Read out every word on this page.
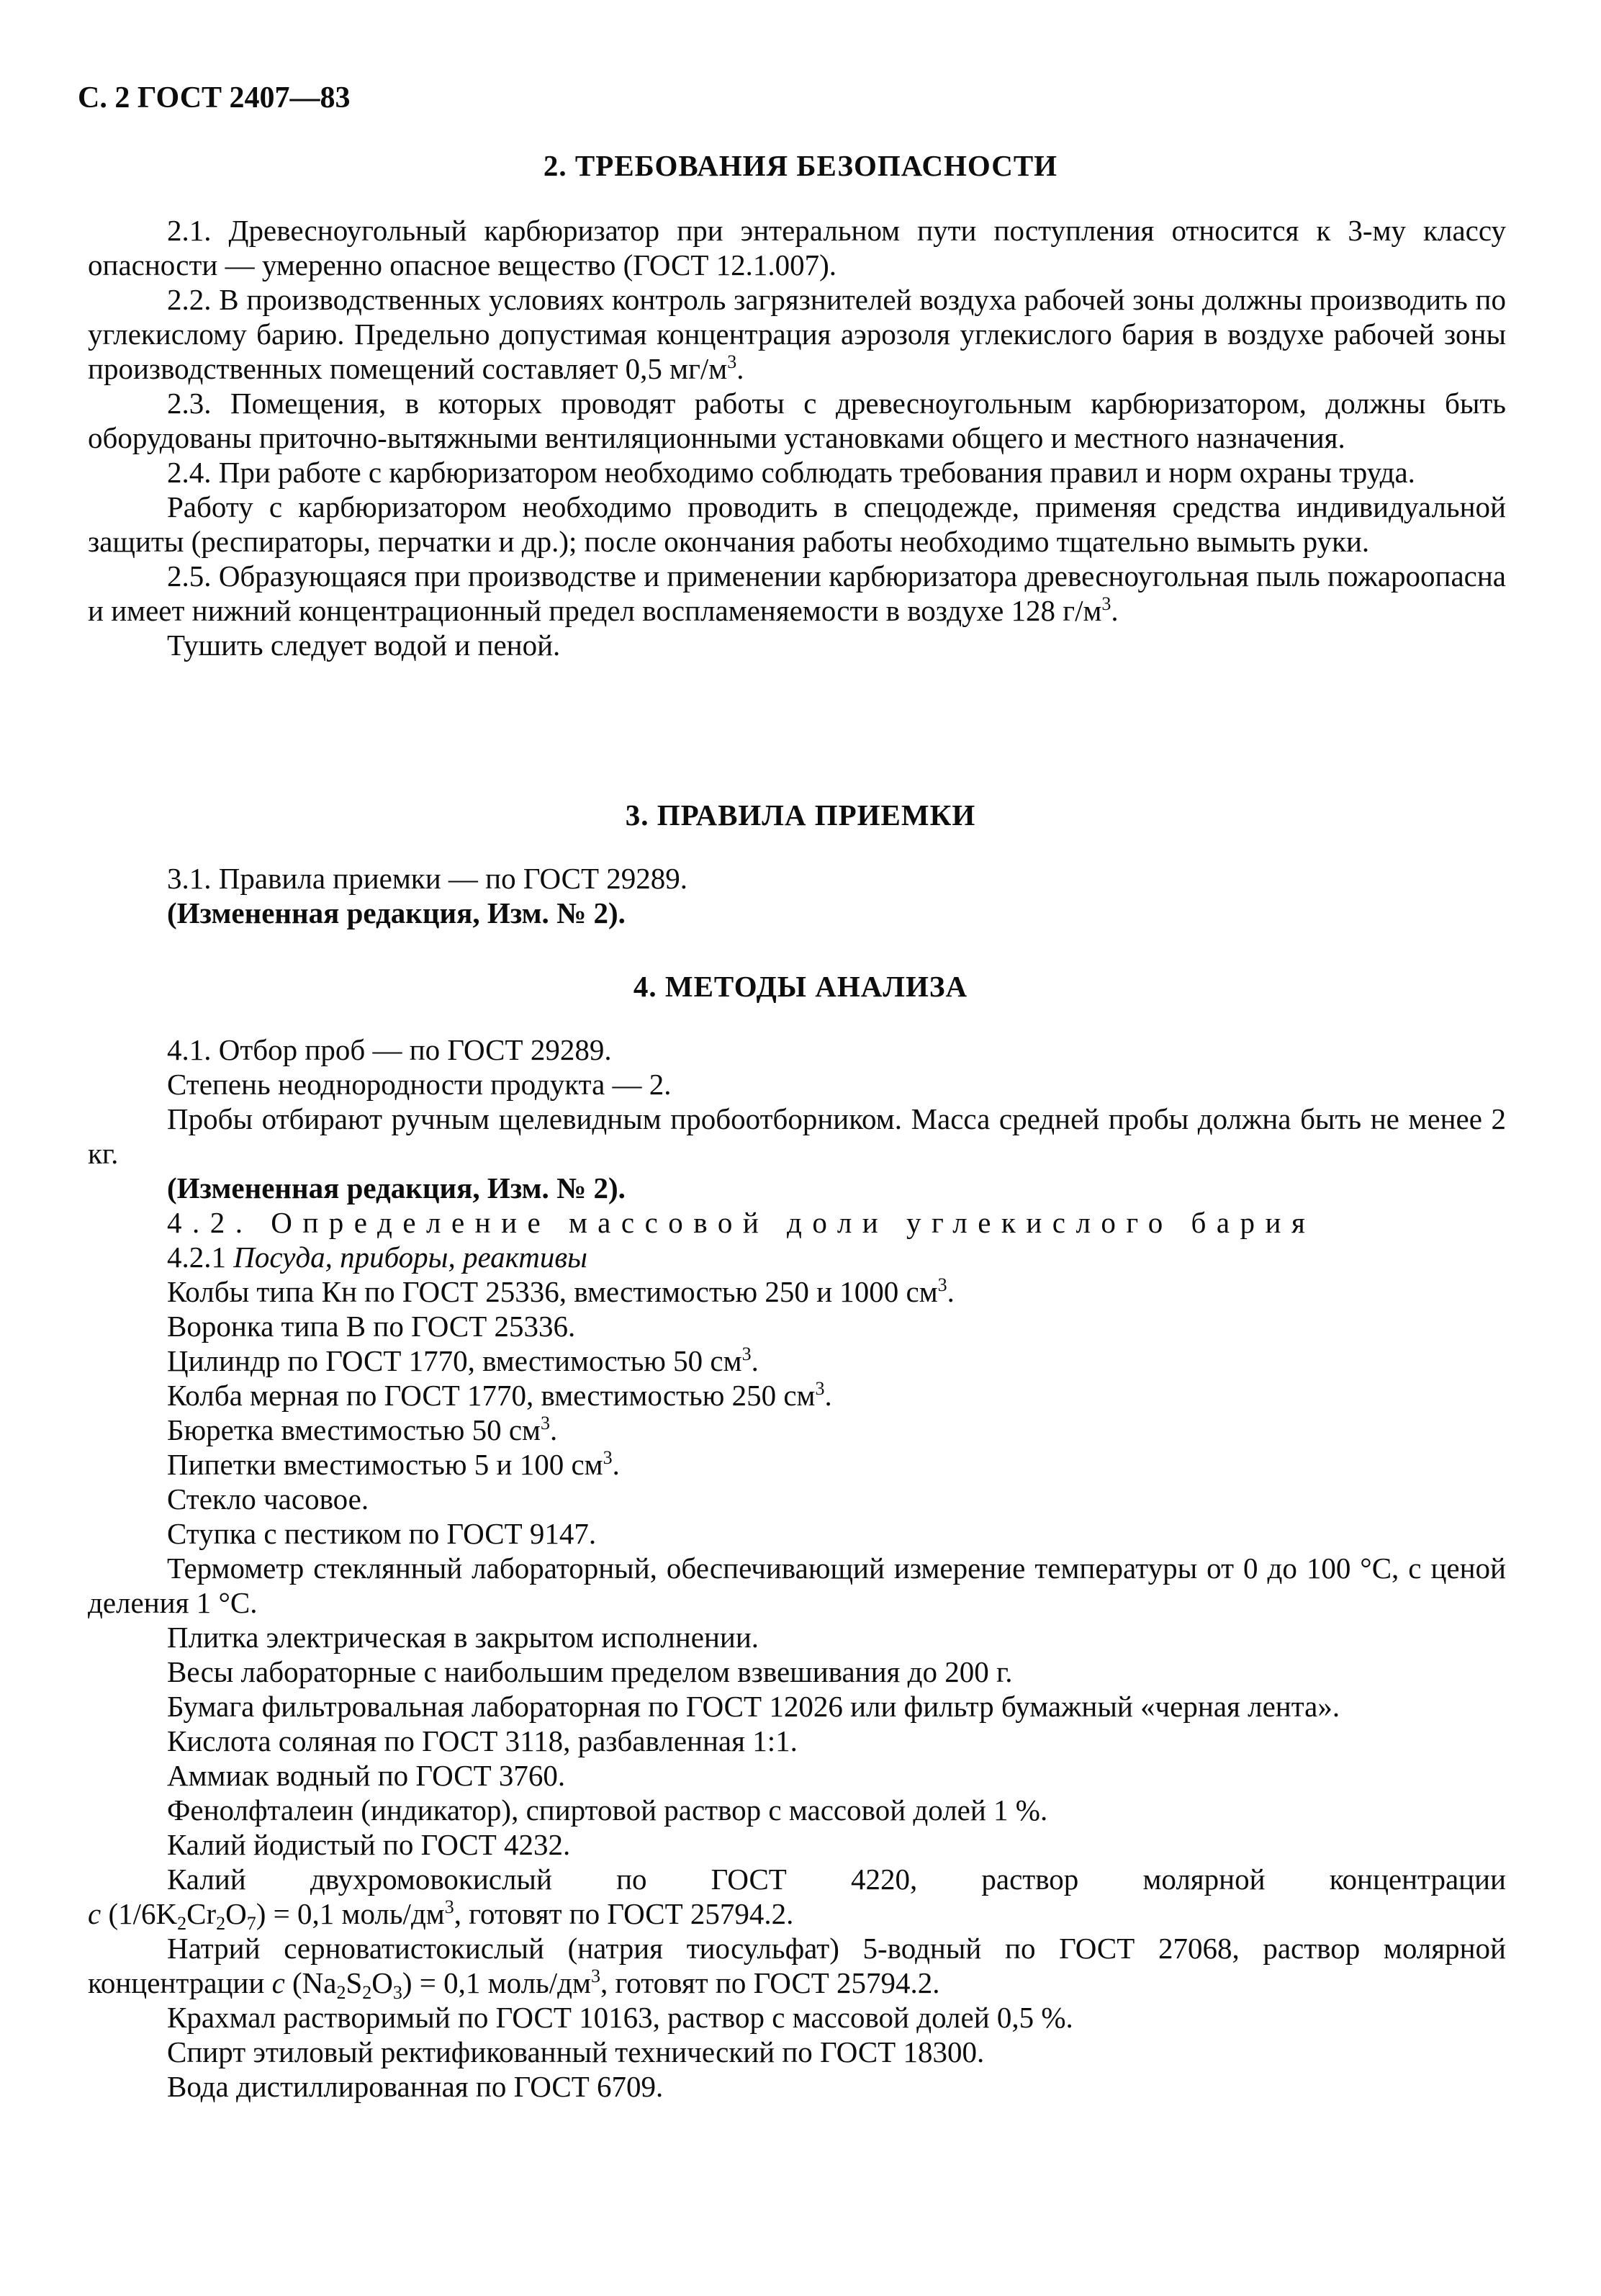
С. 2 ГОСТ 2407—83
2. ТРЕБОВАНИЯ БЕЗОПАСНОСТИ

2.1. Древесноугольный карбюризатор при энтеральном пути поступления относится к 3-му классу опасности — умеренно опасное вещество (ГОСТ 12.1.007).

2.2. В производственных условиях контроль загрязнителей воздуха рабочей зоны должны производить по углекислому барию. Предельно допустимая концентрация аэрозоля углекислого бария в воздухе рабочей зоны производственных помещений составляет 0,5 $мг/м^3$.

2.3. Помещения, в которых проводят работы с древесноугольным карбюризатором, должны быть оборудованы приточно-вытяжными вентиляционными установками общего и местного назначения.

2.4. При работе с карбюризатором необходимо соблюдать требования правил и норм охраны труда.

Работу с карбюризатором необходимо проводить в спецодежде, применяя средства индивидуальной защиты (респираторы, перчатки и др.); после окончания работы необходимо тщательно вымыть руки.

2.5. Образующаяся при производстве и применении карбюризатора древесноугольная пыль пожароопасна и имеет нижний концентрационный предел воспламеняемости в воздухе 128 $г/м^3$.

Тушить следует водой и пеной.

3. ПРАВИЛА ПРИЕМКИ

3.1. Правила приемки — по ГОСТ 29289.

(Измененная редакция, Изм. № 2).

4. МЕТОДЫ АНАЛИЗА

4.1. Отбор проб — по ГОСТ 29289.

Степень неоднородности продукта — 2.

Пробы отбирают ручным щелевидным пробоотборником. Масса средней пробы должна быть не менее 2 кг.

(Измененная редакция, Изм. № 2).

4.2. Определение массовой доли углекислого бария

4.2.1 Посуда, приборы, реактивы

Колбы типа Кн по ГОСТ 25336, вместимостью 250 и 1000 $см^3$.

Воронка типа В по ГОСТ 25336.

Цилиндр по ГОСТ 1770, вместимостью 50 $см^3$.

Колба мерная по ГОСТ 1770, вместимостью 250 $см^3$.

Бюретка вместимостью 50 $см^3$.

Пипетки вместимостью 5 и 100 $см^3$.

Стекло часовое.

Ступка с пестиком по ГОСТ 9147.

Термометр стеклянный лабораторный, обеспечивающий измерение температуры от 0 до 100 °С, с ценой деления 1 °С.

Плитка электрическая в закрытом исполнении.

Весы лабораторные с наибольшим пределом взвешивания до 200 г.

Бумага фильтровальная лабораторная по ГОСТ 12026 или фильтр бумажный «черная лента».

Кислота соляная по ГОСТ 3118, разбавленная 1:1.

Аммиак водный по ГОСТ 3760.

Фенолфталеин (индикатор), спиртовой раствор с массовой долей 1 %.

Калий йодистый по ГОСТ 4232.

Калий двухромовокислый по ГОСТ 4220, раствор молярной концентрации

c $(1/6K_2Cr_2O_7) = 0,1$ моль/$дм^3$, готовят по ГОСТ 25794.2.

Натрий серноватистокислый (натрия тиосульфат) 5-водный по ГОСТ 27068, раствор молярной концентрации c $(Na_2S_2O_3) = 0,1$ моль/$дм^3$, готовят по ГОСТ 25794.2.

Крахмал растворимый по ГОСТ 10163, раствор с массовой долей 0,5 %.

Спирт этиловый ректификованный технический по ГОСТ 18300.

Вода дистиллированная по ГОСТ 6709.
